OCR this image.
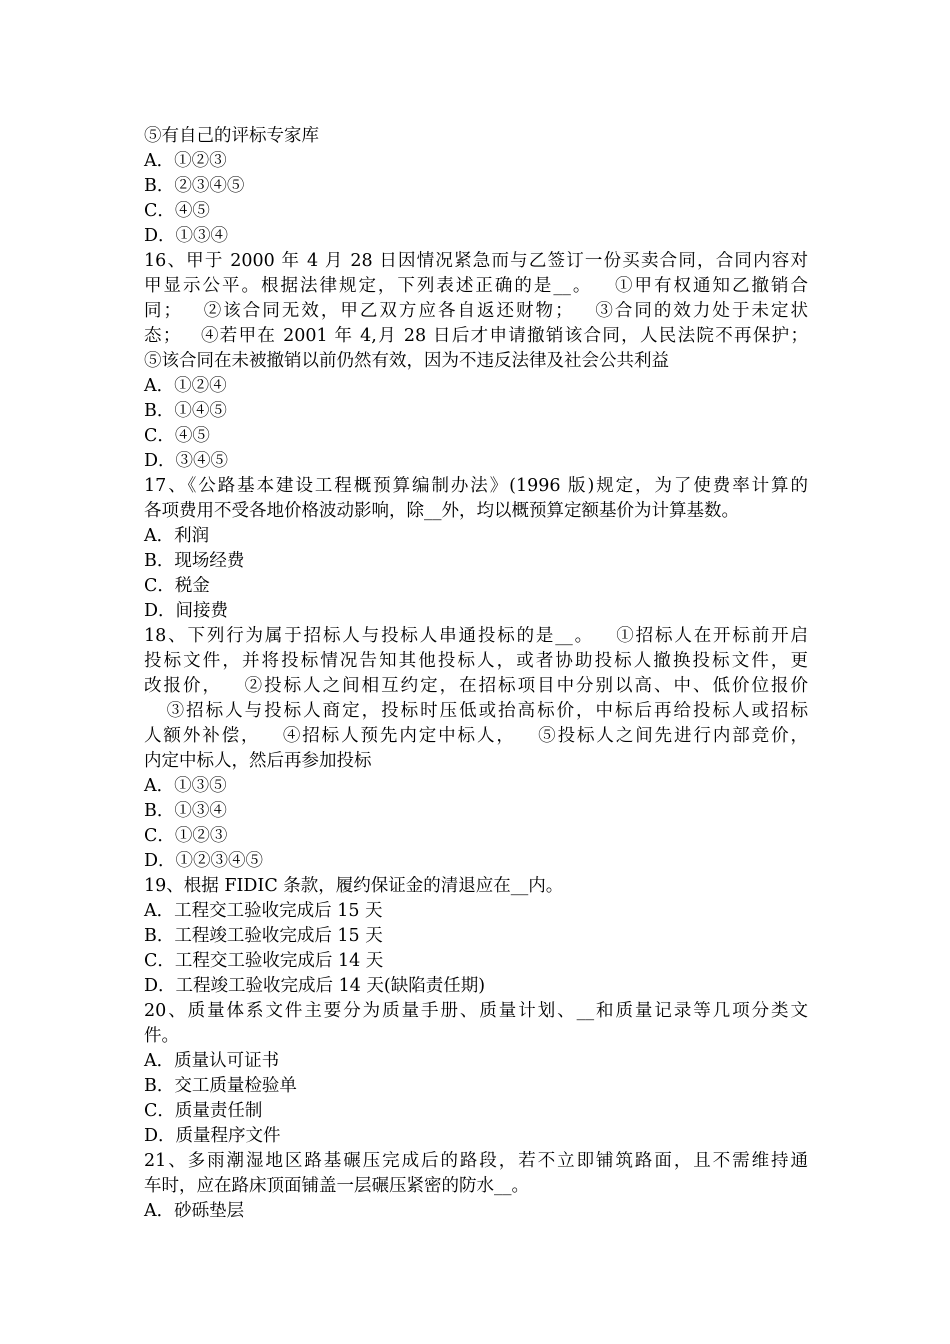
⑤有自己的评标专家库
A．①②③
B．②③④⑤
C．④⑤
D．①③④
16、甲于 2000 年 4 月 28 日因情况紧急而与乙签订一份买卖合同，合同内容对
甲显示公平。根据法律规定，下列表述正确的是__。   ①甲有权通知乙撤销合
同；   ②该合同无效，甲乙双方应各自返还财物；   ③合同的效力处于未定状
态；   ④若甲在 2001 年 4,月 28 日后才申请撤销该合同，人民法院不再保护；
⑤该合同在未被撤销以前仍然有效，因为不违反法律及社会公共利益
A．①②④
B．①④⑤
C．④⑤
D．③④⑤
17、《公路基本建设工程概预算编制办法》(1996 版)规定，为了使费率计算的
各项费用不受各地价格波动影响，除__外，均以概预算定额基价为计算基数。
A．利润
B．现场经费
C．税金
D．间接费
18、下列行为属于招标人与投标人串通投标的是__。   ①招标人在开标前开启
投标文件，并将投标情况告知其他投标人，或者协助投标人撤换投标文件，更
改报价，   ②投标人之间相互约定，在招标项目中分别以高、中、低价位报价
③招标人与投标人商定，投标时压低或抬高标价，中标后再给投标人或招标
人额外补偿，   ④招标人预先内定中标人，   ⑤投标人之间先进行内部竞价，
内定中标人，然后再参加投标
A．①③⑤
B．①③④
C．①②③
D．①②③④⑤
19、根据 FIDIC 条款，履约保证金的清退应在__内。
A．工程交工验收完成后 15 天
B．工程竣工验收完成后 15 天
C．工程交工验收完成后 14 天
D．工程竣工验收完成后 14 天(缺陷责任期)
20、质量体系文件主要分为质量手册、质量计划、__和质量记录等几项分类文
件。
A．质量认可证书
B．交工质量检验单
C．质量责任制
D．质量程序文件
21、多雨潮湿地区路基碾压完成后的路段，若不立即铺筑路面，且不需维持通
车时，应在路床顶面铺盖一层碾压紧密的防水__。
A．砂砾垫层
